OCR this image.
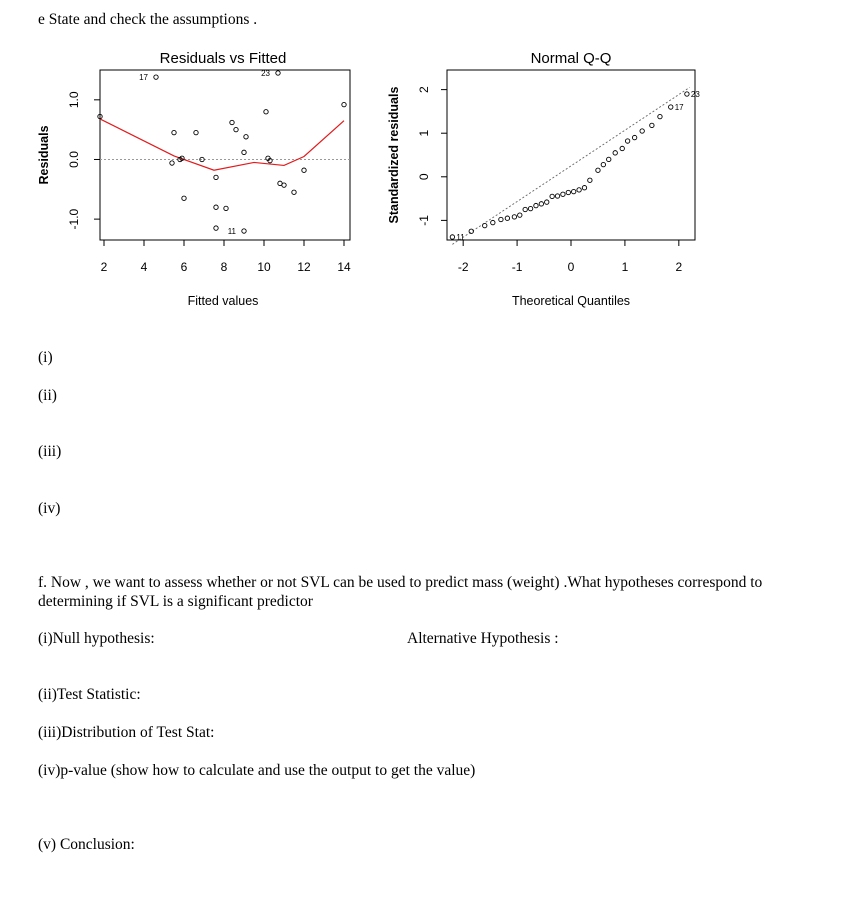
e State and check the assumptions .
Residuals vs Fitted
Fitted values
Residuals
2	4	6	8 10 12 14
-1.0
0.0
1.0
17
11
23
Normal Q-Q
Theoretical Quantiles
Standardized residuals
-2	-1	0	1	2
-1
0
1
2
11
17
23
(i)
(ii)
(iii)
(iv)
f. Now , we want to assess whether or not SVL can be used to predict mass (weight) .What hypotheses correspond to determining if SVL is a significant predictor
(i)Null hypothesis:	Alternative Hypothesis :
(ii)Test Statistic:
(iii)Distribution of Test Stat:
(iv)p-value (show how to calculate and use the output to get the value)
(v) Conclusion:
